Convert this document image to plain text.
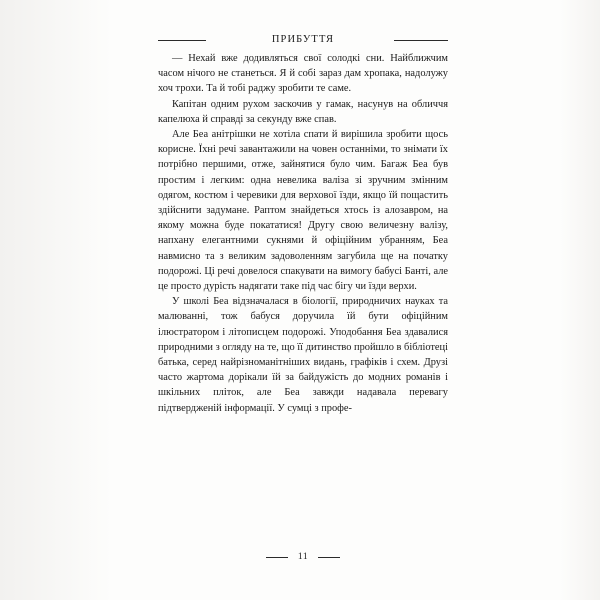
ПРИБУТТЯ

— Нехай вже додивляться свої солодкі сни. Найближчим часом нічого не станеться. Я й собі зараз дам хропака, надолужу хоч трохи. Та й тобі раджу зробити те саме.

Капітан одним рухом заскочив у гамак, насунув на обличчя капелюха й справді за секунду вже спав.

Але Беа анітрішки не хотіла спати й вирішила зробити щось корисне. Їхні речі завантажили на човен останніми, то знімати їх потрібно першими, отже, зайнятися було чим. Багаж Беа був простим і легким: одна невелика валіза зі зручним змінним одягом, костюм і черевики для верхової їзди, якщо їй пощастить здійснити задумане. Раптом знайдеться хтось із алозавром, на якому можна буде покататися! Другу свою величезну валізу, напхану елегантними сукнями й офіційним убранням, Беа навмисно та з великим задоволенням загубила ще на початку подорожі. Ці речі довелося спакувати на вимогу бабусі Банті, але це просто дурість надягати таке під час бігу чи їзди верхи.

У школі Беа відзначалася в біології, природничих науках та малюванні, тож бабуся доручила їй бути офіційним ілюстратором і літописцем подорожі. Уподобання Беа здавалися природними з огляду на те, що її дитинство пройшло в бібліотеці батька, серед найрізноманітніших видань, графіків і схем. Друзі часто жартома дорікали їй за байдужість до модних романів і шкільних пліток, але Беа завжди надавала перевагу підтвердженій інформації. У сумці з профе-

11
